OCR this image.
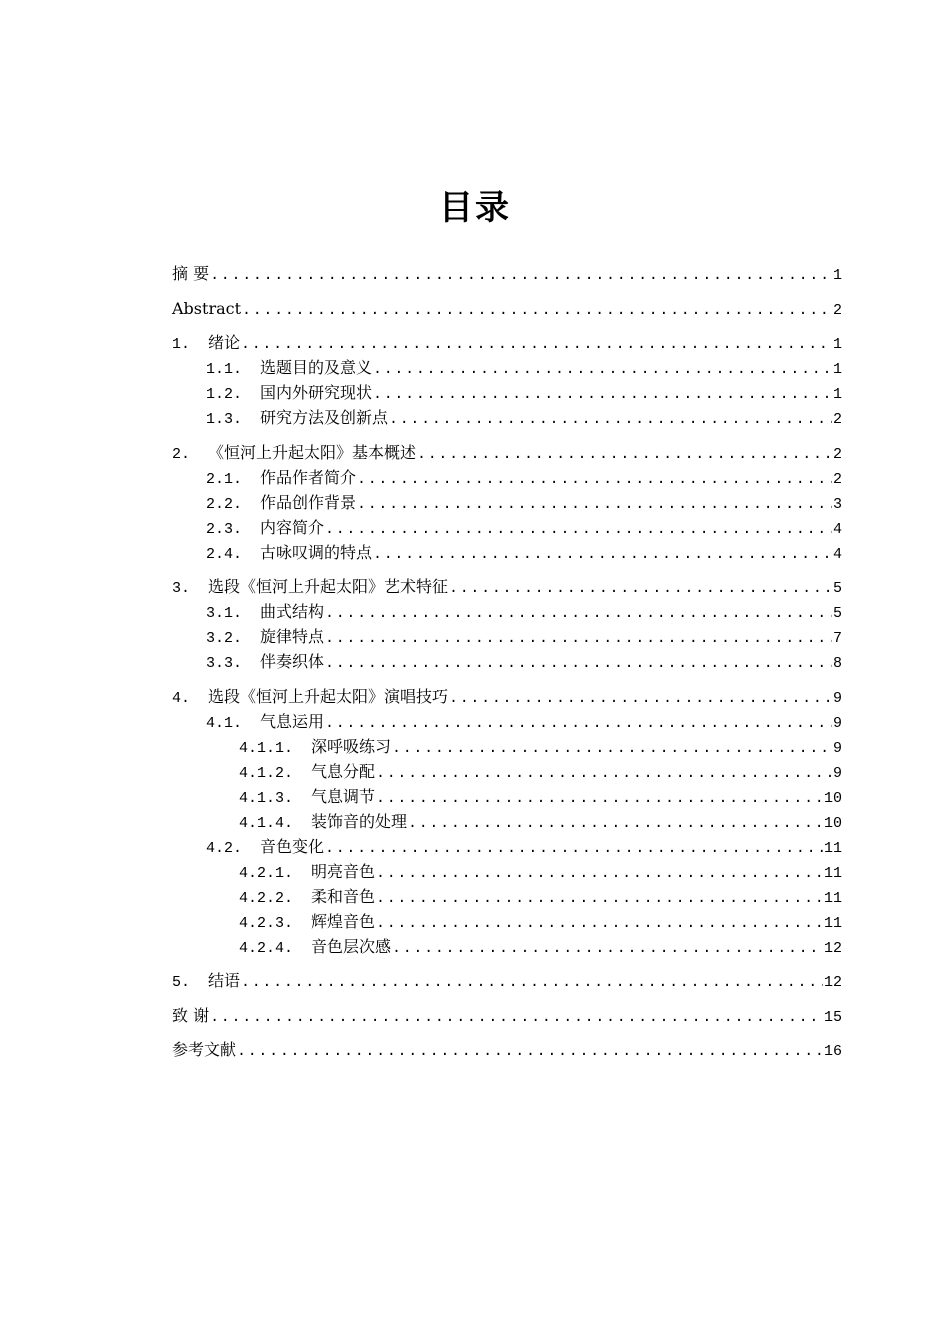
目录
摘 要 .....	1
Abstract .....	2
1. 绪论 .....	1
1.1. 选题目的及意义 .....	1
1.2. 国内外研究现状 .....	1
1.3. 研究方法及创新点 .....	2
2. 《恒河上升起太阳》基本概述 .....	2
2.1. 作品作者简介 .....	2
2.2. 作品创作背景 .....	3
2.3. 内容简介 .....	4
2.4. 古咏叹调的特点 .....	4
3. 选段《恒河上升起太阳》艺术特征 .....	5
3.1. 曲式结构 .....	5
3.2. 旋律特点 .....	7
3.3. 伴奏织体 .....	8
4. 选段《恒河上升起太阳》演唱技巧 .....	9
4.1. 气息运用 .....	9
4.1.1. 深呼吸练习 .....	9
4.1.2. 气息分配 .....	9
4.1.3. 气息调节 .....	10
4.1.4. 装饰音的处理 .....	10
4.2. 音色变化 .....	11
4.2.1. 明亮音色 .....	11
4.2.2. 柔和音色 .....	11
4.2.3. 辉煌音色 .....	11
4.2.4. 音色层次感 .....	12
5. 结语 .....	12
致 谢 .....	15
参考文献 .....	16
